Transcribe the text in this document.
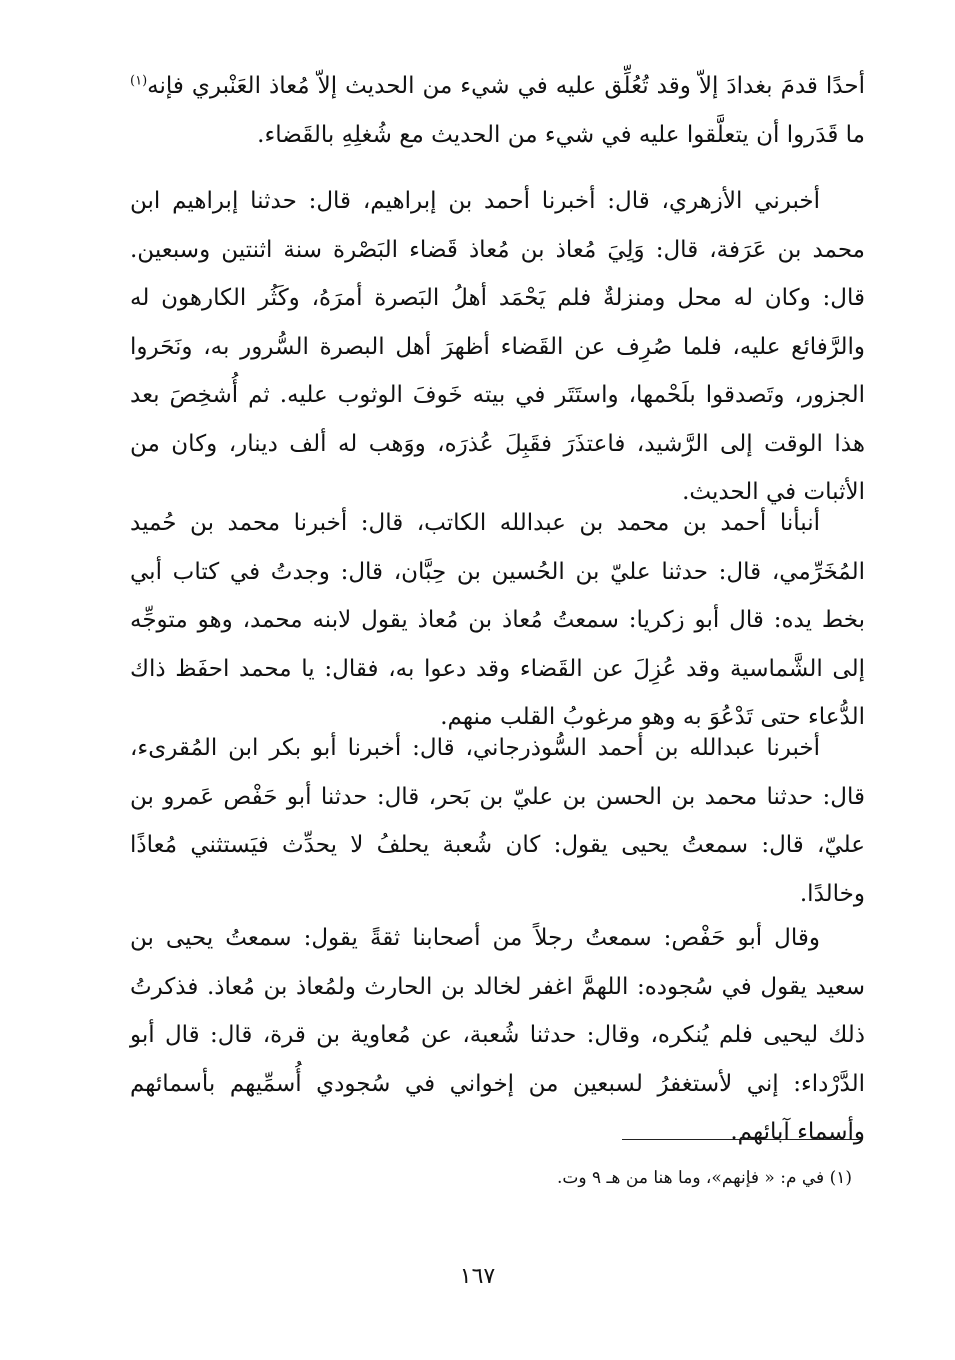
أحدًا قدمَ بغدادَ إلاّ وقد تُعُلِّق عليه في شيء من الحديث إلاّ مُعاذ العَنْبري فإنه$^{(١)}$ ما قَدَروا أن يتعلَّقوا عليه في شيء من الحديث مع شُغلِهِ بالقَضاء.
أخبرني الأزهري، قال: أخبرنا أحمد بن إبراهيم، قال: حدثنا إبراهيم ابن محمد بن عَرَفة، قال: وَلِيَ مُعاذ بن مُعاذ قَضاء البَصْرة سنة اثنتين وسبعين. قال: وكان له محل ومنزلةٌ فلم يَحْمَد أهلُ البَصرة أمرَهُ، وكَثُر الكارهون له والرَّفائع عليه، فلما صُرِف عن القَضاء أظهرَ أهل البصرة السُّرور به، ونَحَروا الجزور، وتَصدقوا بلَحْمها، واستَتَر في بيته خَوفَ الوثوب عليه. ثم أُشخِصَ بعد هذا الوقت إلى الرَّشيد، فاعتذَرَ فقَبِلَ عُذرَه، ووَهب له ألف دينار، وكان من الأثبات في الحديث.
أنبأنا أحمد بن محمد بن عبدالله الكاتب، قال: أخبرنا محمد بن حُميد المُخَرِّمي، قال: حدثنا عليّ بن الحُسين بن حِبَّان، قال: وجدتُ في كتاب أبي بخط يده: قال أبو زكريا: سمعتُ مُعاذ بن مُعاذ يقول لابنه محمد، وهو متوجِّه إلى الشَّماسية وقد عُزِلَ عن القَضاء وقد دعوا به، فقال: يا محمد احفَظ ذاك الدُّعاء حتى تَدْعُوَ به وهو مرغوبُ القلب منهم.
أخبرنا عبدالله بن أحمد السُّوذرجاني، قال: أخبرنا أبو بكر ابن المُقرىء، قال: حدثنا محمد بن الحسن بن عليّ بن بَحر، قال: حدثنا أبو حَفْص عَمرو بن عليّ، قال: سمعتُ يحيى يقول: كان شُعبة يحلفُ لا يحدِّث فيَستثني مُعاذًا وخالدًا.
وقال أبو حَفْص: سمعتُ رجلاً من أصحابنا ثقةً يقول: سمعتُ يحيى بن سعيد يقول في سُجوده: اللهمَّ اغفر لخالد بن الحارث ولمُعاذ بن مُعاذ. فذكرتُ ذلك ليحيى فلم يُنكره، وقال: حدثنا شُعبة، عن مُعاوية بن قرة، قال: قال أبو الدَّرْداء: إني لأستغفرُ لسبعين من إخواني في سُجودي أُسمِّيهم بأسمائهم وأسماء آبائهم.
(١) في م: « فإنهم»، وما هنا من هـ ٩ وت.
١٦٧
